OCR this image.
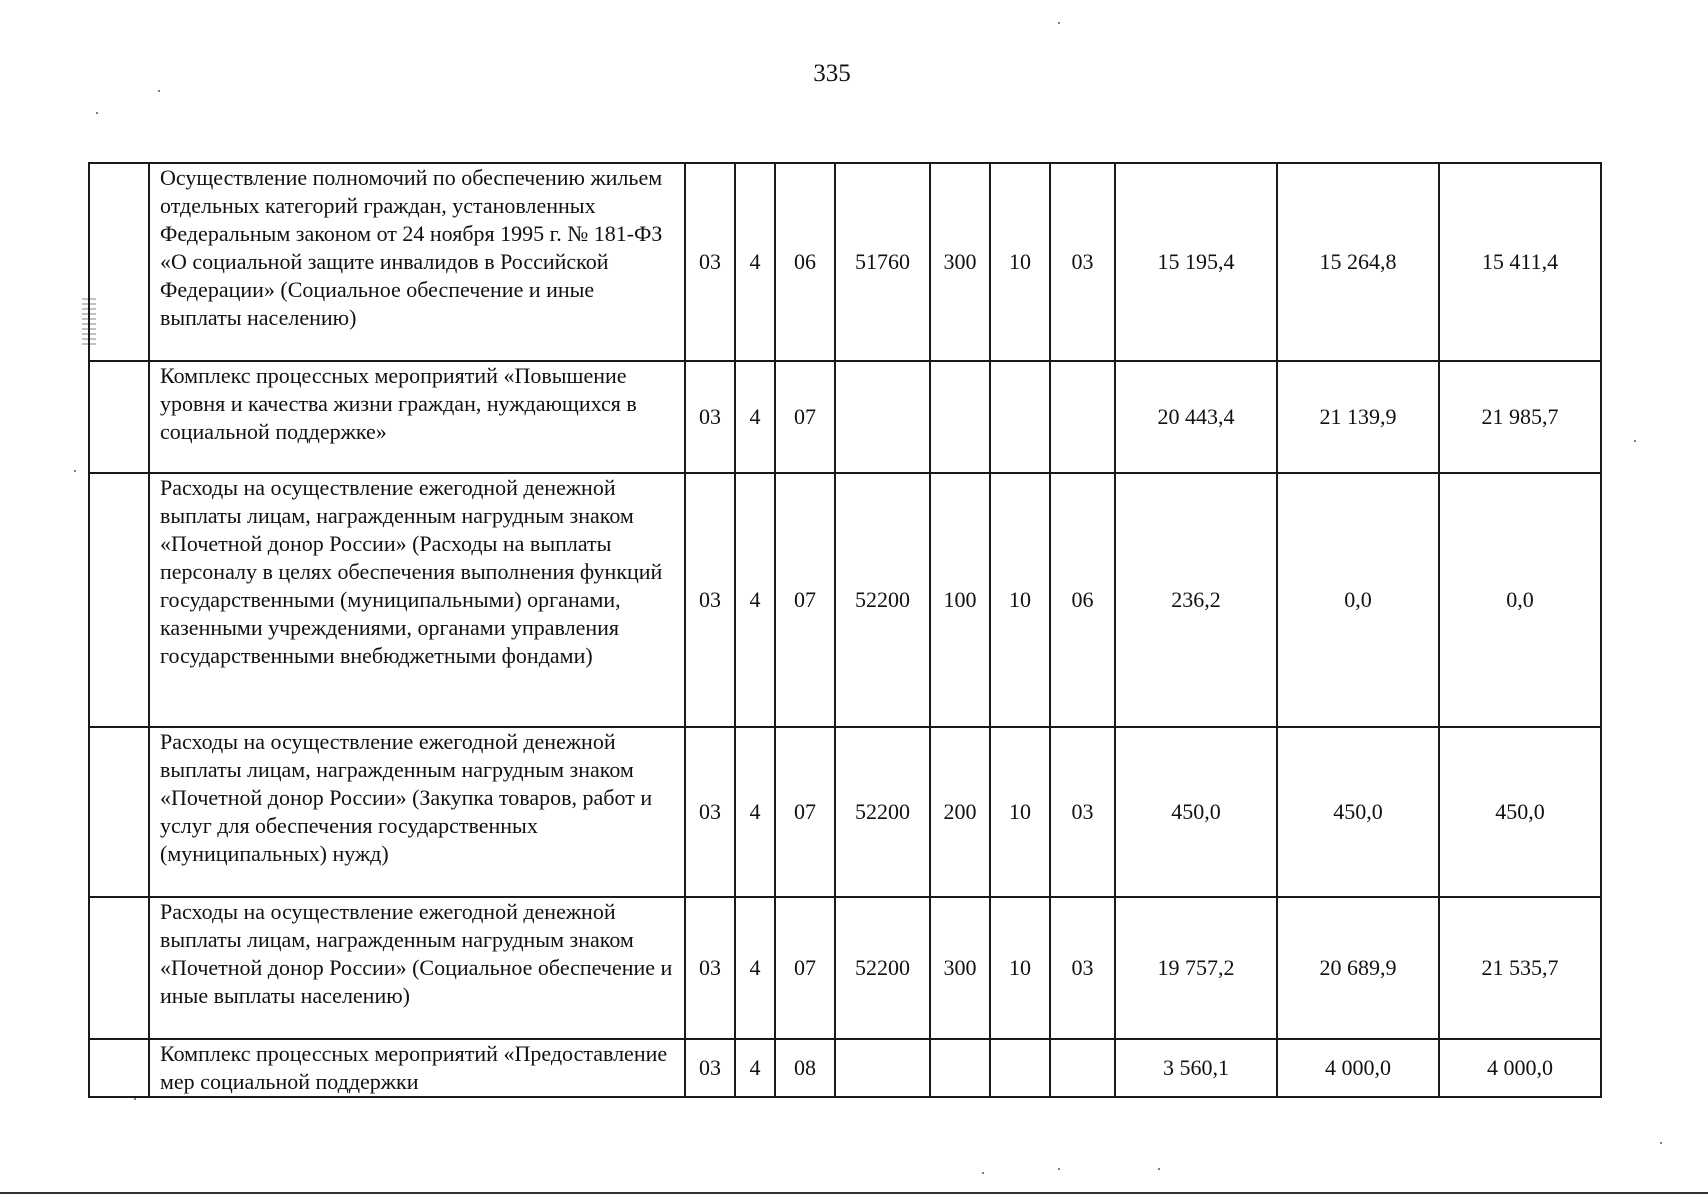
335
	Осуществление полномочий по обеспечению жильем отдельных категорий граждан, установленных Федеральным законом от 24 ноября 1995 г. № 181-ФЗ «О социальной защите инвалидов в Российской Федерации» (Социальное обеспечение и иные выплаты населению)	03	4	06	51760	300	10	03	15 195,4	15 264,8	15 411,4
	Комплекс процессных мероприятий «Повышение уровня и качества жизни граждан, нуждающихся в социальной поддержке»	03	4	07					20 443,4	21 139,9	21 985,7
	Расходы на осуществление ежегодной денежной выплаты лицам, награжденным нагрудным знаком «Почетной донор России» (Расходы на выплаты персоналу в целях обеспечения выполнения функций государственными (муниципальными) органами, казенными учреждениями, органами управления государственными внебюджетными фондами)	03	4	07	52200	100	10	06	236,2	0,0	0,0
	Расходы на осуществление ежегодной денежной выплаты лицам, награжденным нагрудным знаком «Почетной донор России» (Закупка товаров, работ и услуг для обеспечения государственных (муниципальных) нужд)	03	4	07	52200	200	10	03	450,0	450,0	450,0
	Расходы на осуществление ежегодной денежной выплаты лицам, награжденным нагрудным знаком «Почетной донор России» (Социальное обеспечение и иные выплаты населению)	03	4	07	52200	300	10	03	19 757,2	20 689,9	21 535,7
	Комплекс процессных мероприятий «Предоставление мер социальной поддержки	03	4	08					3 560,1	4 000,0	4 000,0
